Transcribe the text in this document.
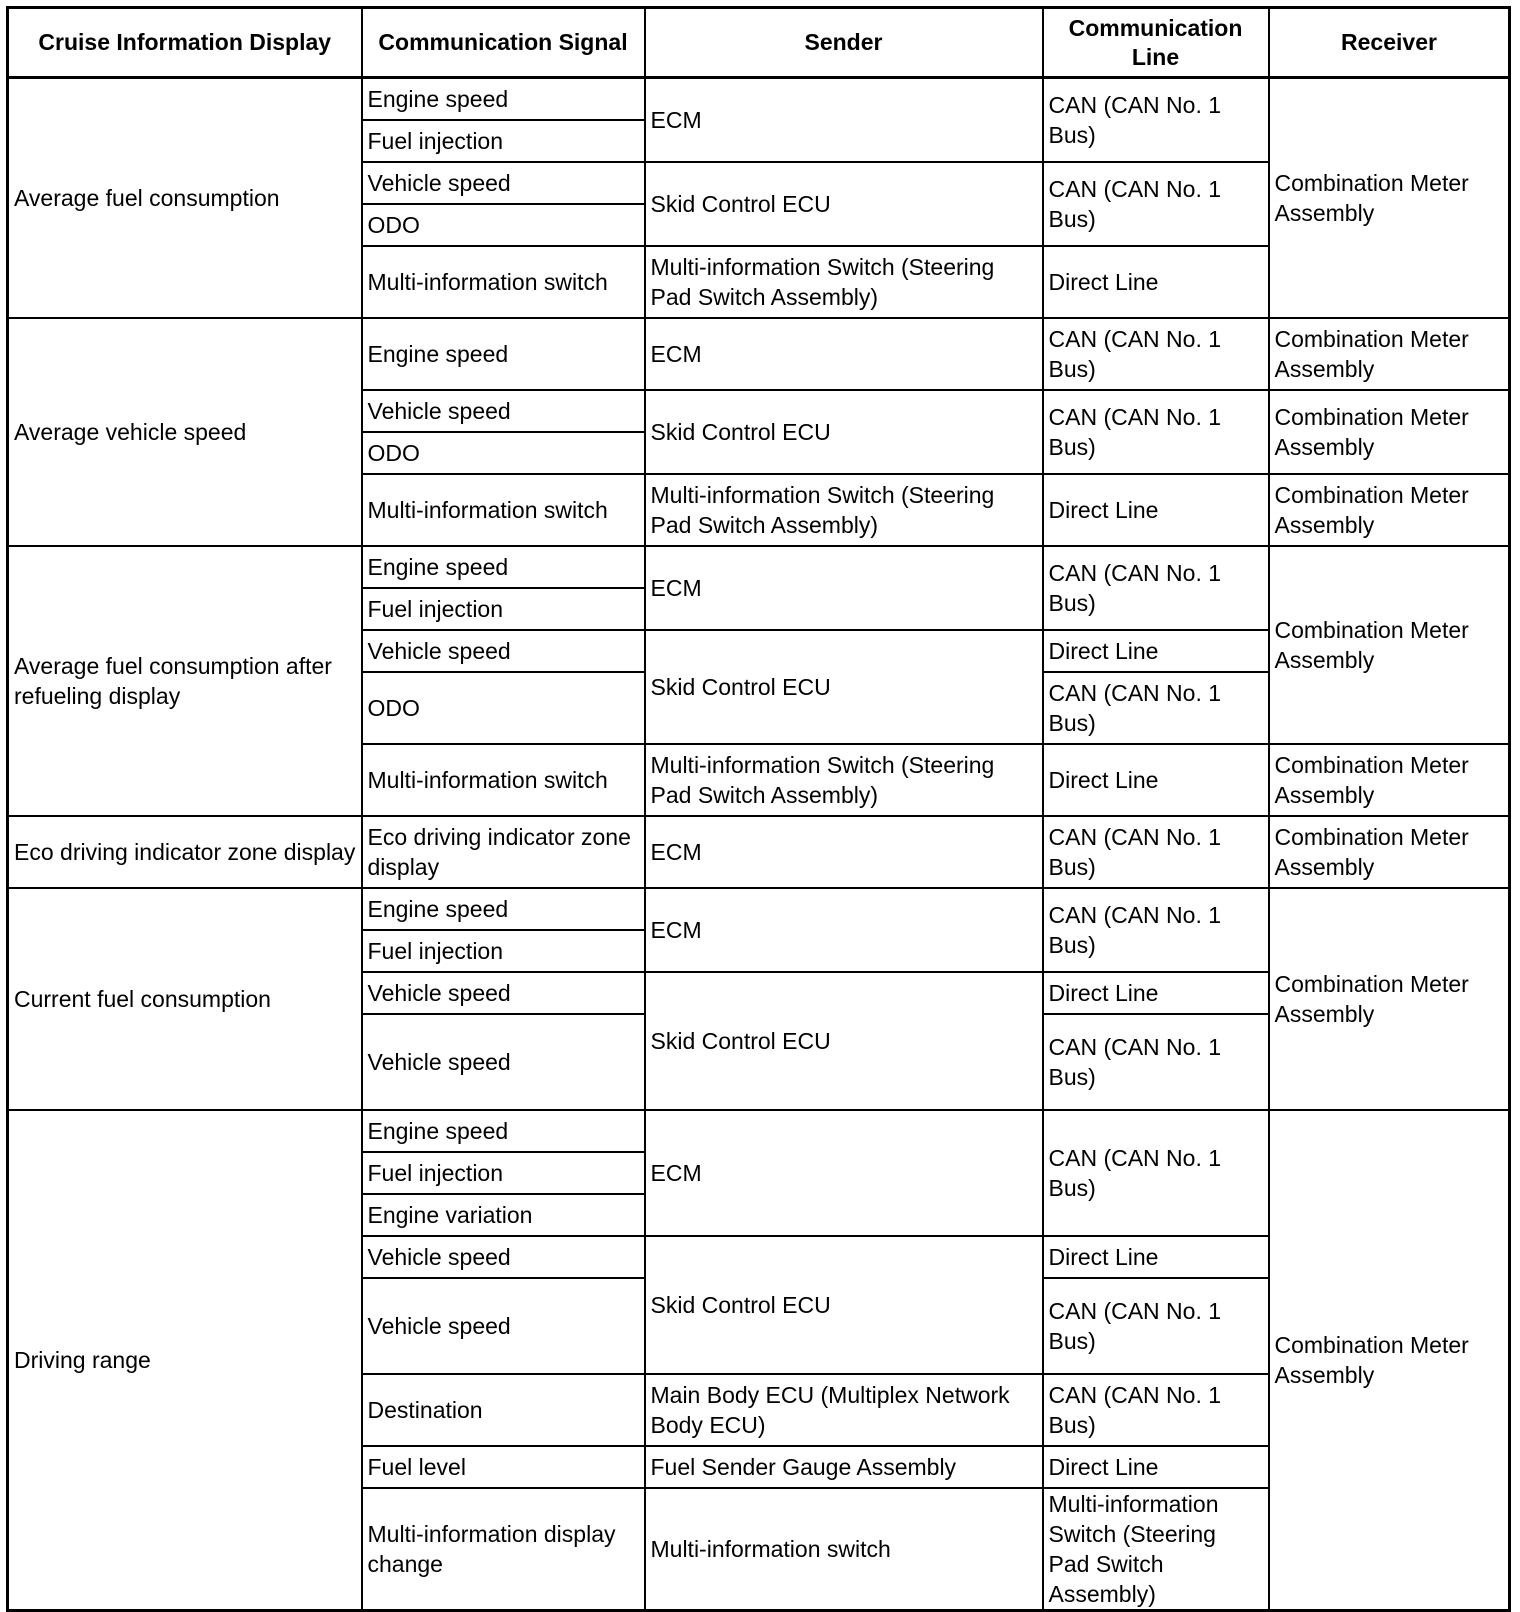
Cruise Information Display	Communication Signal	Sender	Communication Line	Receiver	
Average fuel consumption	Engine speed	ECM	CAN (CAN No. 1 Bus)	Combination Meter Assembly	
	Fuel injection				
	Vehicle speed	Skid Control ECU	CAN (CAN No. 1 Bus)		
	ODO				
	Multi-information switch	Multi-information Switch (Steering Pad Switch Assembly)	Direct Line		

Average vehicle speed	Engine speed	ECM	CAN (CAN No. 1 Bus)	Combination Meter Assembly	

	Vehicle speed	Skid Control ECU	CAN (CAN No. 1 Bus)	Combination Meter Assembly	
	ODO				
	Multi-information switch	Multi-information Switch (Steering Pad Switch Assembly)	Direct Line	Combination Meter Assembly	

Average fuel consumption after refueling display	Engine speed	ECM	CAN (CAN No. 1 Bus)	Combination Meter Assembly	
	Fuel injection				
	Vehicle speed	Skid Control ECU	Direct Line		
	ODO		CAN (CAN No. 1 Bus)		

	Multi-information switch	Multi-information Switch (Steering Pad Switch Assembly)	Direct Line	Combination Meter Assembly	

Eco driving indicator zone display	Eco driving indicator zone display	ECM	CAN (CAN No. 1 Bus)	Combination Meter Assembly	

Current fuel consumption	Engine speed	ECM	CAN (CAN No. 1 Bus)	Combination Meter Assembly	
	Fuel injection				
	Vehicle speed	Skid Control ECU	Direct Line		
	Vehicle speed		CAN (CAN No. 1 Bus)		

Driving range	Engine speed	ECM	CAN (CAN No. 1 Bus)	Combination Meter Assembly	
	Fuel injection				
	Engine variation				
	Vehicle speed	Skid Control ECU	Direct Line		
	Vehicle speed		CAN (CAN No. 1 Bus)		

	Destination	Main Body ECU (Multiplex Network Body ECU)	CAN (CAN No. 1 Bus)		
	Fuel level	Fuel Sender Gauge Assembly	Direct Line		
	Multi-information display change	Multi-information switch	Multi-information Switch (Steering Pad Switch Assembly)		
